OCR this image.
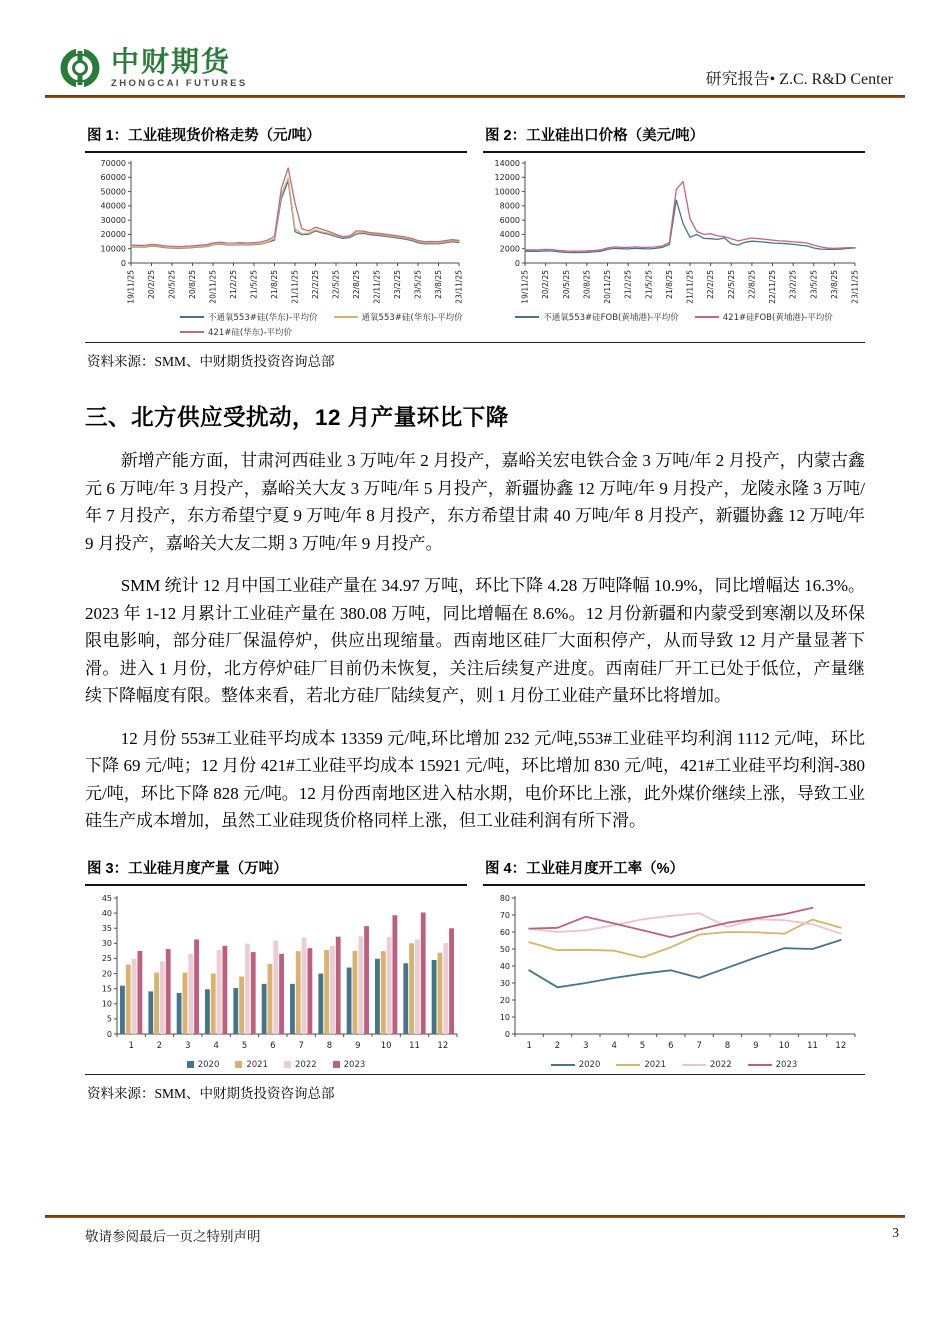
中财期货
ZHONGCAI FUTURES	研究报告• Z.C. R&D Center
图 1：工业硅现货价格走势（元/吨）
0
10000
20000
30000
40000
50000
60000
70000
19/11/25 20/2/25 20/5/25 20/8/25 20/11/25 21/2/25 21/5/25 21/8/25 21/11/25 22/2/25 22/5/25 22/8/25 22/11/25 23/2/25 23/5/25 23/8/25 23/11/25
不通氧553#硅(华东)-平均价	通氧553#硅(华东)-平均价
421#硅(华东)-平均价
图 2：工业硅出口价格（美元/吨）
0
2000
4000
6000
8000
10000
12000
14000
19/11/25 20/2/25 20/5/25 20/8/25 20/11/25 21/2/25 21/5/25 21/8/25 21/11/25 22/2/25 22/5/25 22/8/25 22/11/25 23/2/25 23/5/25 23/8/25 23/11/25
不通氧553#硅FOB(黄埔港)-平均价	421#硅FOB(黄埔港)-平均价
资料来源：SMM、中财期货投资咨询总部
三、北方供应受扰动，12 月产量环比下降

新增产能方面，甘肃河西硅业 3 万吨/年 2 月投产，嘉峪关宏电铁合金 3 万吨/年 2 月投产，内蒙古鑫元 6 万吨/年 3 月投产，嘉峪关大友 3 万吨/年 5 月投产，新疆协鑫 12 万吨/年 9 月投产，龙陵永隆 3 万吨/年 7 月投产，东方希望宁夏 9 万吨/年 8 月投产，东方希望甘肃 40 万吨/年 8 月投产，新疆协鑫 12 万吨/年 9 月投产，嘉峪关大友二期 3 万吨/年 9 月投产。

SMM 统计 12 月中国工业硅产量在 34.97 万吨，环比下降 4.28 万吨降幅 10.9%，同比增幅达 16.3%。2023 年 1-12 月累计工业硅产量在 380.08 万吨，同比增幅在 8.6%。12 月份新疆和内蒙受到寒潮以及环保限电影响，部分硅厂保温停炉，供应出现缩量。西南地区硅厂大面积停产，从而导致 12 月产量显著下滑。进入 1 月份，北方停炉硅厂目前仍未恢复，关注后续复产进度。西南硅厂开工已处于低位，产量继续下降幅度有限。整体来看，若北方硅厂陆续复产，则 1 月份工业硅产量环比将增加。

12 月份 553#工业硅平均成本 13359 元/吨,环比增加 232 元/吨,553#工业硅平均利润 1112 元/吨，环比下降 69 元/吨；12 月份 421#工业硅平均成本 15921 元/吨，环比增加 830 元/吨，421#工业硅平均利润-380 元/吨，环比下降 828 元/吨。12 月份西南地区进入枯水期，电价环比上涨，此外煤价继续上涨，导致工业硅生产成本增加，虽然工业硅现货价格同样上涨，但工业硅利润有所下滑。

图 3：工业硅月度产量（万吨）
0
5
10
15
20
25
30
35
40
45
1	2	3	4	5	6	7	8	9 10 11 12
2020	2021	2022	2023
图 4：工业硅月度开工率（%）
0
10
20
30
40
50
60
70
80
1	2	3	4	5	6	7	8	9 10 11 12
2020	2021	2022	2023
资料来源：SMM、中财期货投资咨询总部
敬请参阅最后一页之特别声明	3
